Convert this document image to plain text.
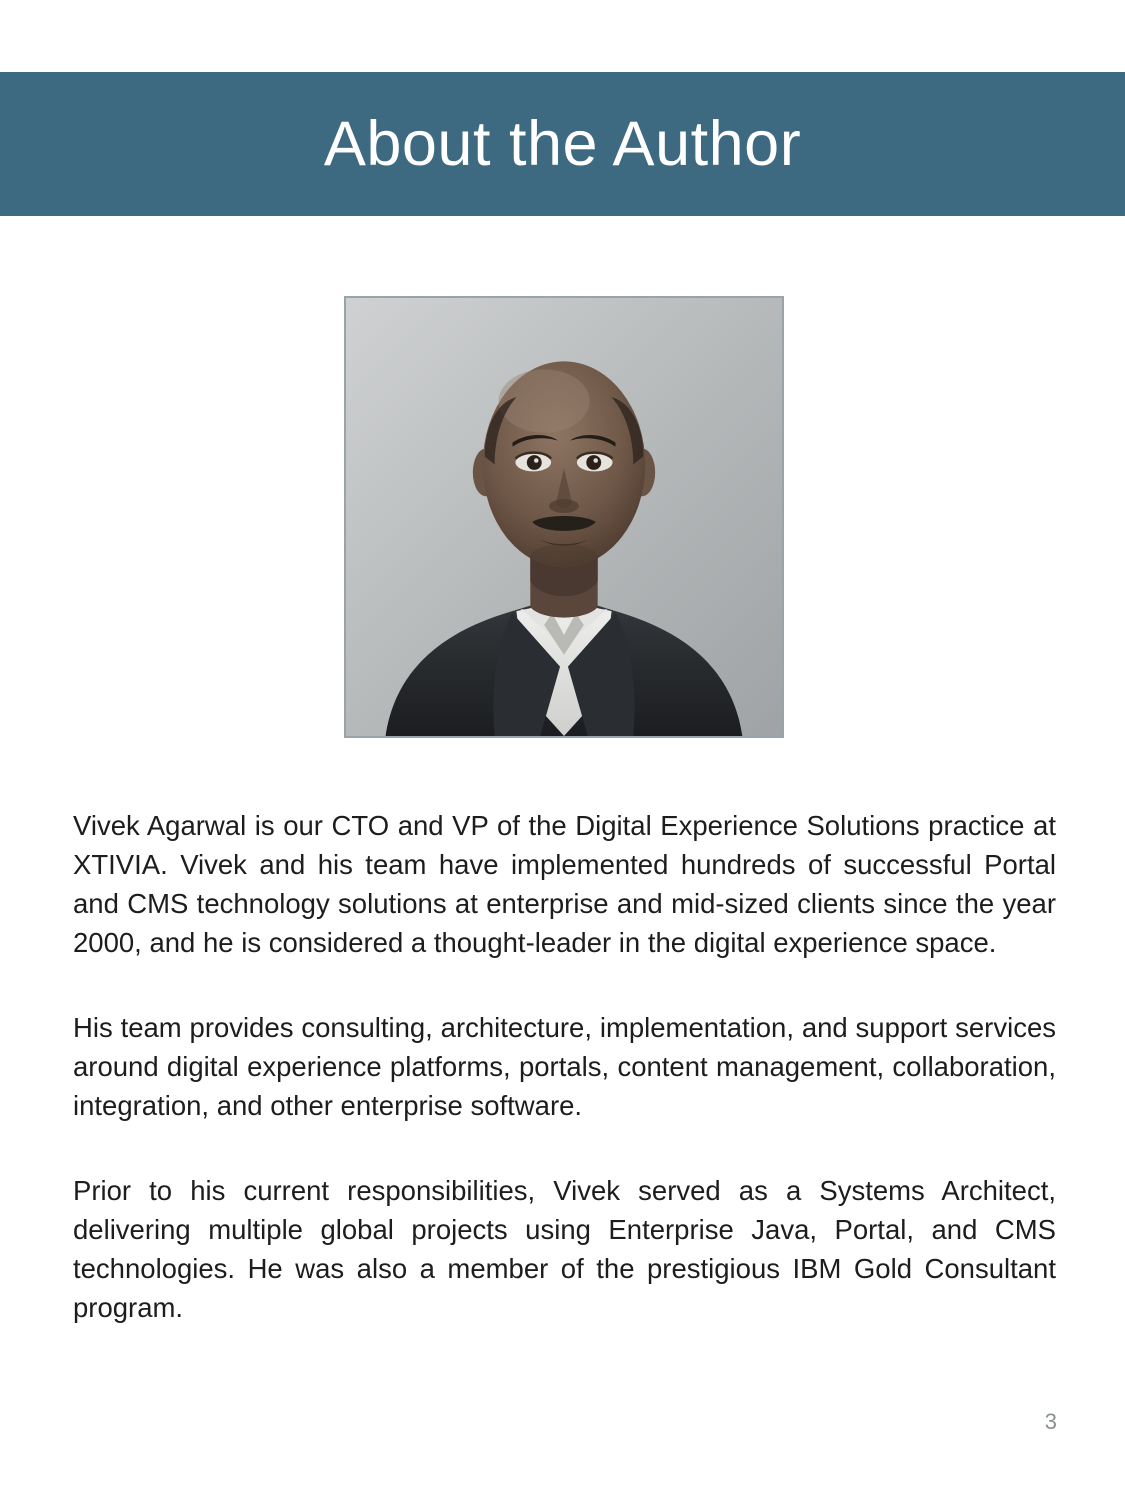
About the Author

Vivek Agarwal is our CTO and VP of the Digital Experience Solutions practice at XTIVIA. Vivek and his team have implemented hundreds of successful Portal and CMS technology solutions at enterprise and mid-sized clients since the year 2000, and he is considered a thought-leader in the digital experience space.

His team provides consulting, architecture, implementation, and support services around digital experience platforms, portals, content management, collaboration, integration, and other enterprise software.

Prior to his current responsibilities, Vivek served as a Systems Architect, delivering multiple global projects using Enterprise Java, Portal, and CMS technologies. He was also a member of the prestigious IBM Gold Consultant program.

3
